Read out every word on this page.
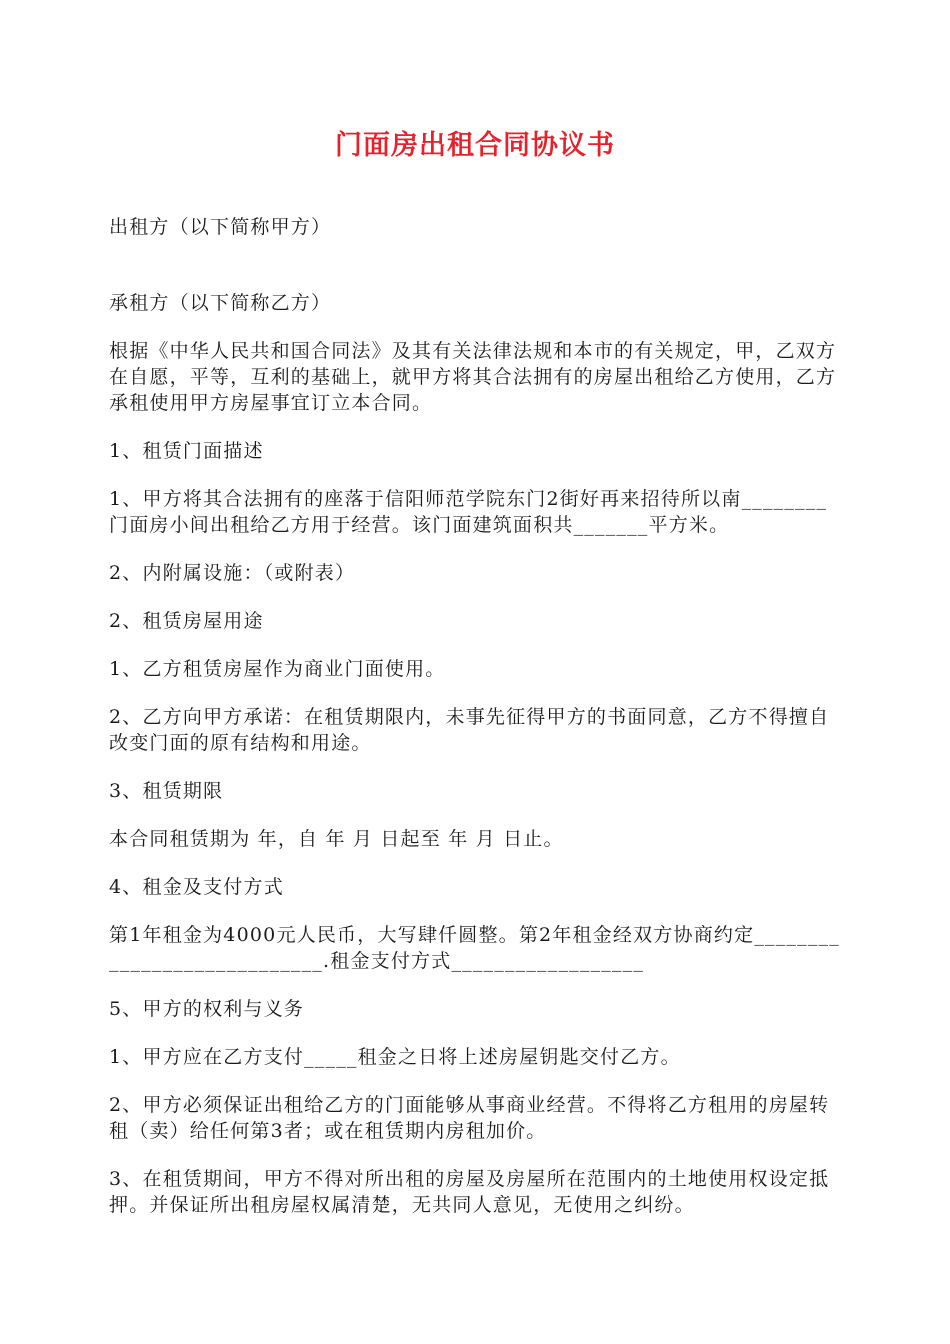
门面房出租合同协议书

出租方（以下简称甲方）

承租方（以下简称乙方）

根据《中华人民共和国合同法》及其有关法律法规和本市的有关规定，甲，乙双方在自愿，平等，互利的基础上，就甲方将其合法拥有的房屋出租给乙方使用，乙方承租使用甲方房屋事宜订立本合同。

1、租赁门面描述

1、甲方将其合法拥有的座落于信阳师范学院东门2街好再来招待所以南________门面房小间出租给乙方用于经营。该门面建筑面积共_______平方米。

2、内附属设施：（或附表）

2、租赁房屋用途

1、乙方租赁房屋作为商业门面使用。

2、乙方向甲方承诺：在租赁期限内，未事先征得甲方的书面同意，乙方不得擅自改变门面的原有结构和用途。

3、租赁期限

本合同租赁期为 年，自 年 月 日起至 年 月 日止。

4、租金及支付方式

第1年租金为4000元人民币，大写肆仟圆整。第2年租金经双方协商约定____________________________.租金支付方式__________________

5、甲方的权利与义务

1、甲方应在乙方支付_____租金之日将上述房屋钥匙交付乙方。

2、甲方必须保证出租给乙方的门面能够从事商业经营。不得将乙方租用的房屋转租（卖）给任何第3者；或在租赁期内房租加价。

3、在租赁期间，甲方不得对所出租的房屋及房屋所在范围内的土地使用权设定抵押。并保证所出租房屋权属清楚，无共同人意见，无使用之纠纷。
